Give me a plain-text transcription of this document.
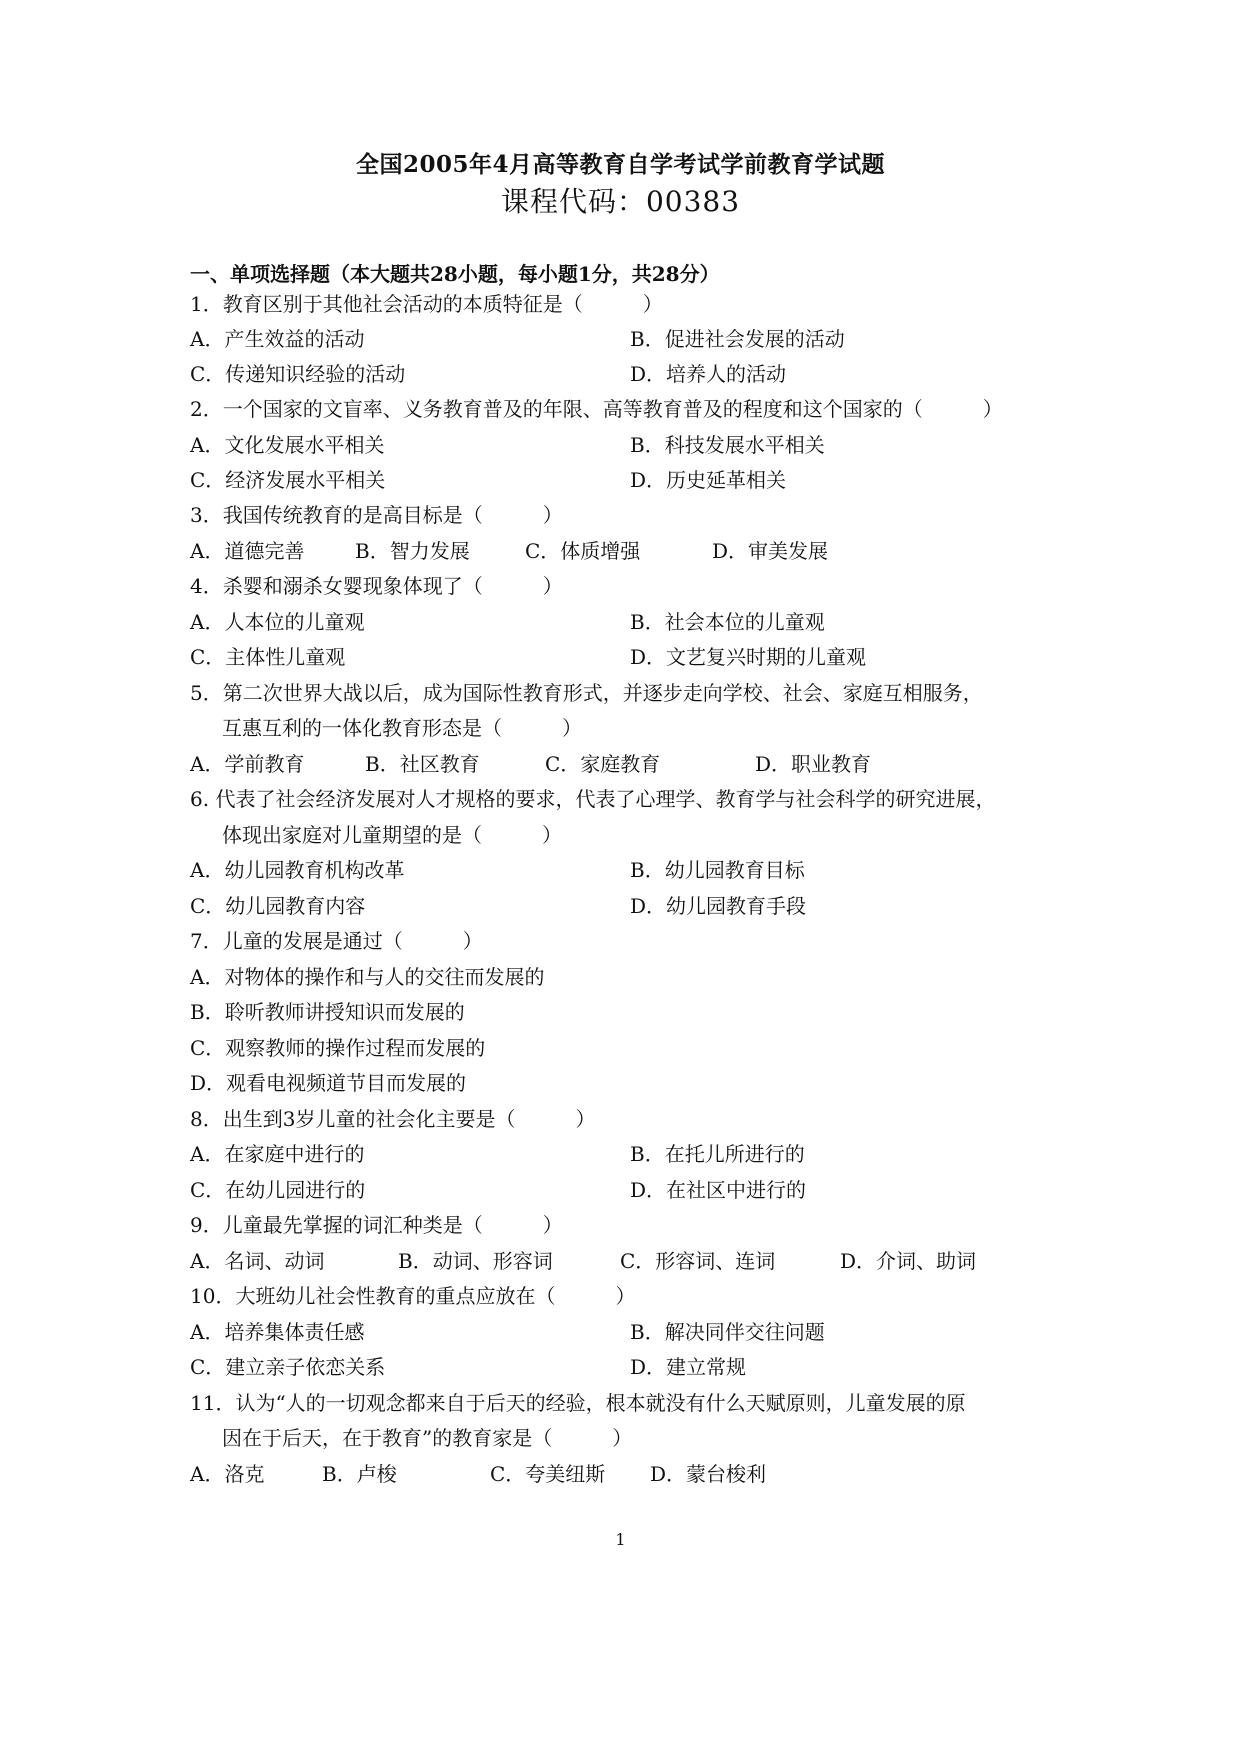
全国2005年4月高等教育自学考试学前教育学试题
课程代码：00383
一、单项选择题（本大题共28小题，每小题1分，共28分）
1．教育区别于其他社会活动的本质特征是（　　　）
A．产生效益的活动	B．促进社会发展的活动
C．传递知识经验的活动	D．培养人的活动
2．一个国家的文盲率、义务教育普及的年限、高等教育普及的程度和这个国家的（　　　）
A．文化发展水平相关	B．科技发展水平相关
C．经济发展水平相关	D．历史延革相关
3．我国传统教育的是高目标是（　　　）
A．道德完善	B．智力发展	C．体质增强	D．审美发展
4．杀婴和溺杀女婴现象体现了（　　　）
A．人本位的儿童观	B．社会本位的儿童观
C．主体性儿童观	D．文艺复兴时期的儿童观
5．第二次世界大战以后，成为国际性教育形式，并逐步走向学校、社会、家庭互相服务，
互惠互利的一体化教育形态是（　　　）
A．学前教育	B．社区教育	C．家庭教育	D．职业教育
6. 代表了社会经济发展对人才规格的要求，代表了心理学、教育学与社会科学的研究进展，
体现出家庭对儿童期望的是（　　　）
A．幼儿园教育机构改革	B．幼儿园教育目标
C．幼儿园教育内容	D．幼儿园教育手段
7．儿童的发展是通过（　　　）
A．对物体的操作和与人的交往而发展的
B．聆听教师讲授知识而发展的
C．观察教师的操作过程而发展的
D．观看电视频道节目而发展的
8．出生到3岁儿童的社会化主要是（　　　）
A．在家庭中进行的	B．在托儿所进行的
C．在幼儿园进行的	D．在社区中进行的
9．儿童最先掌握的词汇种类是（　　　）
A．名词、动词	B．动词、形容词	C．形容词、连词	D．介词、助词
10．大班幼儿社会性教育的重点应放在（　　　）
A．培养集体责任感	B．解决同伴交往问题
C．建立亲子依恋关系	D．建立常规
11．认为“人的一切观念都来自于后天的经验，根本就没有什么天赋原则，儿童发展的原
因在于后天，在于教育”的教育家是（　　　）
A．洛克	B．卢梭	C．夸美纽斯 D．蒙台梭利
1
